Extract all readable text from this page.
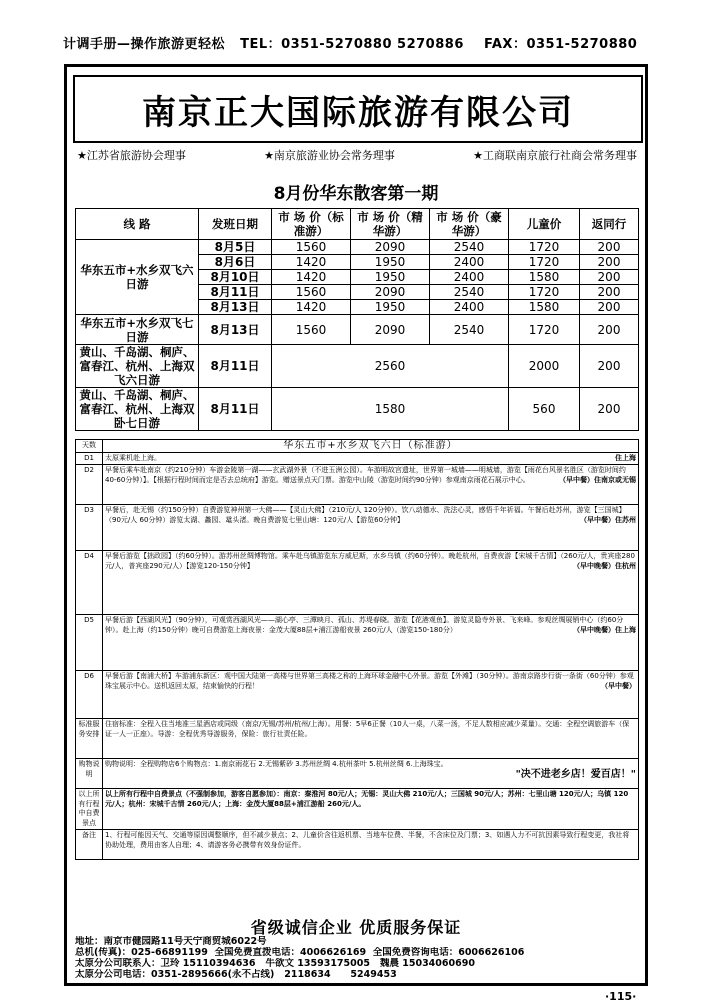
计调手册—操作旅游更轻松 TEL：0351-5270880 5270886 FAX：0351-5270880
南京正大国际旅游有限公司
★江苏省旅游协会理事	★南京旅游业协会常务理事	★工商联南京旅行社商会常务理事
8月份华东散客第一期
线 路	发班日期	市 场 价（标准游）	市 场 价（精华游）	市 场 价（豪华游）	儿童价	返同行
华东五市+水乡双飞六日游	8月5日	1560	2090	2540	1720	200
	8月6日	1420	1950	2400	1720	200
	8月10日	1420	1950	2400	1580	200
	8月11日	1560	2090	2540	1720	200
	8月13日	1420	1950	2400	1580	200
华东五市+水乡双飞七日游	8月13日	1560	2090	2540	1720	200
黄山、千岛湖、桐庐、富春江、杭州、上海双飞六日游	8月11日	2560			2000	200
黄山、千岛湖、桐庐、富春江、杭州、上海双卧七日游	8月11日	1580			560	200
天数	华东五市+水乡双飞六日（标准游）
D1	太原乘机赴上海。 住上海

D2	早餐后乘车赴南京（约210分钟）车游金陵第一湖——玄武湖外景（不进玉洲公园）。车游明故宫遗址，世界第一城墙——明城墙，游览【雨花台风景名胜区（游览时间约40-60分钟）】。【根据行程时间而定是否去总统府】游览。赠送景点天门票。游览中山陵（游览时间约90分钟）参观南京雨花石展示中心。 （早中餐）住南京或无锡

D3	早餐后，赴无锡（约150分钟）自费游览神州第一大佛——【灵山大佛】（210元/人 120分钟）。饮八动德水、洗法心灵，感悟千年祈福。午餐后赴苏州，游览【三国城】（90元/人 60分钟）游览太湖、蠡园、鼋头渚。晚自费游览七里山塘：120元/人【游览60分钟】 （早中餐）住苏州

D4	早餐后游览【拙政园】（约60分钟）。游苏州丝绸博物馆。乘车赴乌镇游览东方威尼斯，水乡乌镇（约60分钟）。晚赴杭州，自费夜游【宋城千古情】（260元/人，贵宾座280元/人，普宾座290元/人）【游览120-150分钟】 （早中晚餐）住杭州

D5	早餐后游【西湖风光】（90分钟），可观赏西湖风光——湖心亭、三潭映月、孤山、苏堤春晓。游览【花港观鱼】。游览灵隐寺外景、飞来峰。参观丝绸展销中心（约60分钟）。赴上海（约150分钟）晚可自费游览上海夜景：金茂大厦88层+浦江游船夜景 260元/人（游览150-180分） （早中晚餐）住上海

D6	早餐后游【南浦大桥】车游浦东新区：观中国大陆第一高楼与世界第三高楼之称的上海环球金融中心外景。游览【外滩】（30分钟）。游南京路步行街一条街（60分钟）参观珠宝展示中心。送机返回太原，结束愉快的行程！ （早中餐）

标准服务安排	住宿标准：全程入住当地准三星酒店或同级（南京/无锡/苏州/杭州/上海）。用餐：5早6正餐（10人一桌，八菜一汤，不足人数相应减少菜量）。交通：全程空调旅游车（保证一人一正座）。导游：全程优秀导游服务，保险：旅行社责任险。
购物说明	购物说明：全程购物店6个购物点：1.南京雨花石 2.无锡紫砂 3.苏州丝绸 4.杭州茶叶 5.杭州丝绸 6.上海珠宝。
"决不进老乡店！爱百店！"

以上所有行程中自费景点	以上所有行程中自费景点（不强制参加，游客自愿参加）：南京：秦淮河 80元/人；无锡：灵山大佛 210元/人；三国城 90元/人；苏州：七里山塘 120元/人；乌镇 120元/人；杭州：宋城千古情 260元/人；上海：金茂大厦88层+浦江游船 260元/人。
备注	1、行程可能因天气、交通等原因调整顺序，但不减少景点；2、儿童价含往返机票、当地车位费、半餐，不含床位及门票；3、如遇人力不可抗因素导致行程变更，我社将协助处理，费用由客人自理；4、请游客务必携带有效身份证件。
省级诚信企业 优质服务保证
地址：南京市健园路11号天宁商贸城6022号
总机(传真)：025-66891199 全国免费直拨电话：4006626169 全国免费咨询电话：6006626106
太原分公司联系人：卫玲 15110394636 牛欲文 13593175005 魏晨 15034060690
太原分公司电话：0351-2895666(永不占线) 2118634 5249453
·115·
